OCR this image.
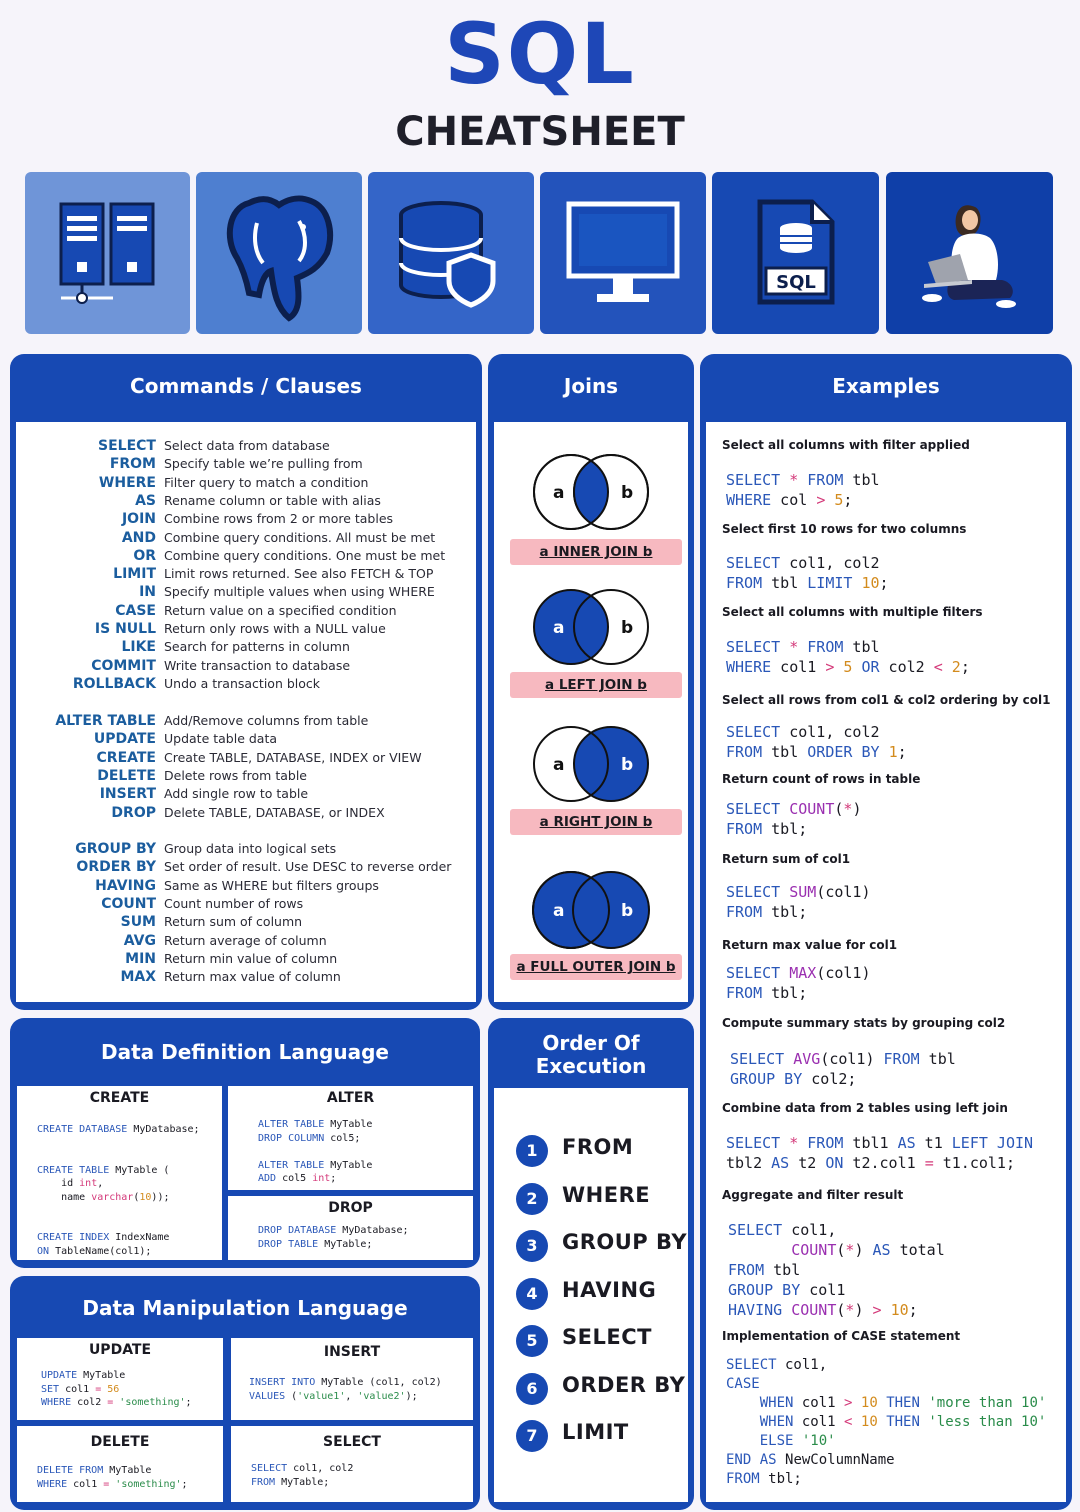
SQL
CHEATSHEET
SQL
Commands / Clauses
SELECT Select data from database
FROM Specify table we’re pulling from
WHERE Filter query to match a condition
AS Rename column or table with alias
JOIN Combine rows from 2 or more tables
AND Combine query conditions. All must be met
OR Combine query conditions. One must be met
LIMIT Limit rows returned. See also FETCH & TOP
IN Specify multiple values when using WHERE
CASE Return value on a specified condition
IS NULL Return only rows with a NULL value
LIKE Search for patterns in column
COMMIT Write transaction to database
ROLLBACK Undo a transaction block
ALTER TABLE Add/Remove columns from table
UPDATE Update table data
CREATE Create TABLE, DATABASE, INDEX or VIEW
DELETE Delete rows from table
INSERT Add single row to table
DROP Delete TABLE, DATABASE, or INDEX
GROUP BY Group data into logical sets
ORDER BY Set order of result. Use DESC to reverse order
HAVING Same as WHERE but filters groups
COUNT Count number of rows
SUM Return sum of column
AVG Return average of column
MIN Return min value of column
MAX Return max value of column
Joins
a	b
a INNER JOIN b
a	b
a LEFT JOIN b
a	b
a RIGHT JOIN b
a	b
a FULL OUTER JOIN b
Examples
Select all columns with filter applied
SELECT * FROM tbl
WHERE col > 5;
Select first 10 rows for two columns
SELECT col1, col2
FROM tbl LIMIT 10;
Select all columns with multiple filters
SELECT * FROM tbl
WHERE col1 > 5 OR col2 < 2;
Select all rows from col1 & col2 ordering by col1
SELECT col1, col2
FROM tbl ORDER BY 1;
Return count of rows in table
SELECT COUNT(*)
FROM tbl;
Return sum of col1
SELECT SUM(col1)
FROM tbl;
Return max value for col1
SELECT MAX(col1)
FROM tbl;
Compute summary stats by grouping col2
SELECT AVG(col1) FROM tbl
GROUP BY col2;
Combine data from 2 tables using left join
SELECT * FROM tbl1 AS t1 LEFT JOIN
tbl2 AS t2 ON t2.col1 = t1.col1;
Aggregate and filter result
SELECT col1,
COUNT(*) AS total
FROM tbl
GROUP BY col1
HAVING COUNT(*) > 10;
Implementation of CASE statement
SELECT col1,
CASE
WHEN col1 > 10 THEN 'more than 10'
WHEN col1 < 10 THEN 'less than 10'
ELSE '10'
END AS NewColumnName
FROM tbl;
Data Definition Language
CREATE
CREATE DATABASE MyDatabase;

CREATE TABLE MyTable (
id int,
name varchar(10));

CREATE INDEX IndexName
ON TableName(col1);
ALTER
ALTER TABLE MyTable
DROP COLUMN col5;

ALTER TABLE MyTable
ADD col5 int;
DROP
DROP DATABASE MyDatabase;
DROP TABLE MyTable;
Data Manipulation Language
UPDATE
UPDATE MyTable
SET col1 = 56
WHERE col2 = 'something';
INSERT
INSERT INTO MyTable (col1, col2)
VALUES ('value1', 'value2');
DELETE
DELETE FROM MyTable
WHERE col1 = 'something';
SELECT
SELECT col1, col2
FROM MyTable;
Order Of
Execution
1	FROM
2	WHERE
3	GROUP BY
4	HAVING
5	SELECT
6	ORDER BY
7	LIMIT
